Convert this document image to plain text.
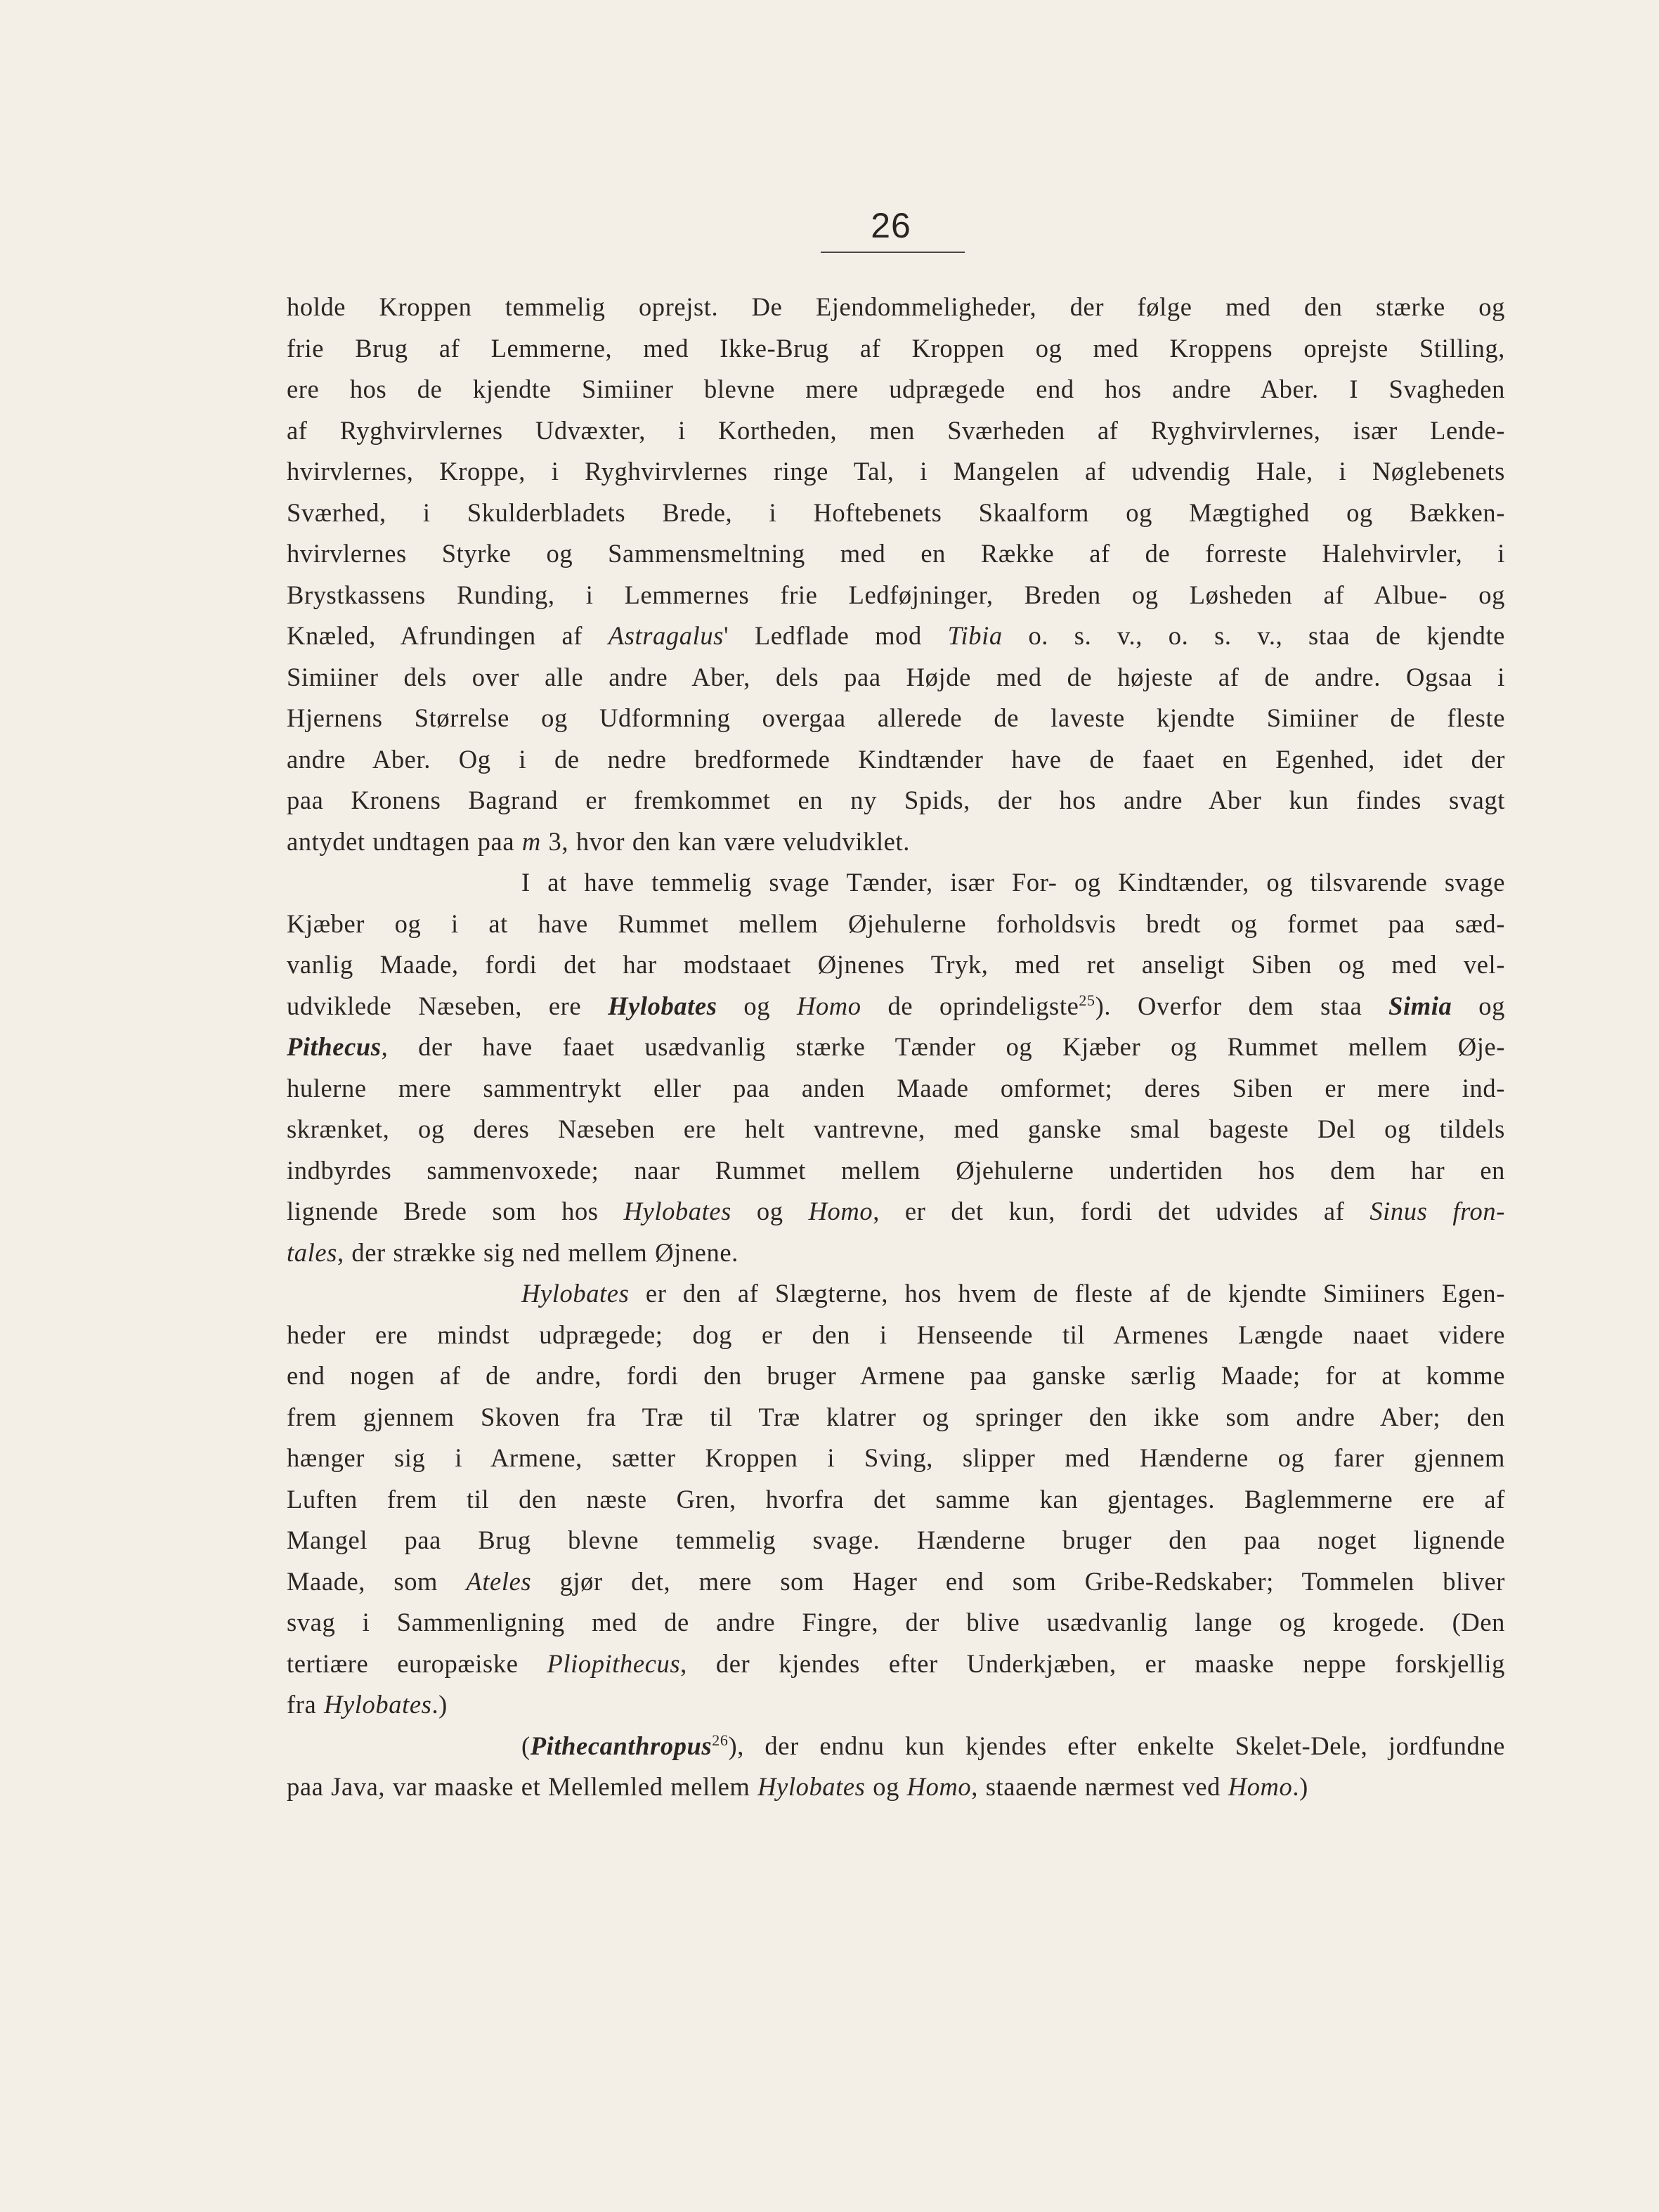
26
holde Kroppen temmelig oprejst. De Ejendommeligheder, der følge med den stærke og
frie Brug af Lemmerne, med Ikke-Brug af Kroppen og med Kroppens oprejste Stilling,
ere hos de kjendte Simiiner blevne mere udprægede end hos andre Aber. I Svagheden
af Ryghvirvlernes Udvæxter, i Kortheden, men Sværheden af Ryghvirvlernes, især Lende-
hvirvlernes, Kroppe, i Ryghvirvlernes ringe Tal, i Mangelen af udvendig Hale, i Nøglebenets
Sværhed, i Skulderbladets Brede, i Hoftebenets Skaalform og Mægtighed og Bækken-
hvirvlernes Styrke og Sammensmeltning med en Række af de forreste Halehvirvler, i
Brystkassens Runding, i Lemmernes frie Ledføjninger, Breden og Løsheden af Albue- og
Knæled, Afrundingen af Astragalus' Ledflade mod Tibia o. s. v., o. s. v., staa de kjendte
Simiiner dels over alle andre Aber, dels paa Højde med de højeste af de andre. Ogsaa i
Hjernens Størrelse og Udformning overgaa allerede de laveste kjendte Simiiner de fleste
andre Aber. Og i de nedre bredformede Kindtænder have de faaet en Egenhed, idet der
paa Kronens Bagrand er fremkommet en ny Spids, der hos andre Aber kun findes svagt
antydet undtagen paa m 3, hvor den kan være veludviklet.
I at have temmelig svage Tænder, især For- og Kindtænder, og tilsvarende svage
Kjæber og i at have Rummet mellem Øjehulerne forholdsvis bredt og formet paa sæd-
vanlig Maade, fordi det har modstaaet Øjnenes Tryk, med ret anseligt Siben og med vel-
udviklede Næseben, ere Hylobates og Homo de oprindeligste$^{25}$). Overfor dem staa Simia og
Pithecus, der have faaet usædvanlig stærke Tænder og Kjæber og Rummet mellem Øje-
hulerne mere sammentrykt eller paa anden Maade omformet; deres Siben er mere ind-
skrænket, og deres Næseben ere helt vantrevne, med ganske smal bageste Del og tildels
indbyrdes sammenvoxede; naar Rummet mellem Øjehulerne undertiden hos dem har en
lignende Brede som hos Hylobates og Homo, er det kun, fordi det udvides af Sinus fron-
tales, der strække sig ned mellem Øjnene.
Hylobates er den af Slægterne, hos hvem de fleste af de kjendte Simiiners Egen-
heder ere mindst udprægede; dog er den i Henseende til Armenes Længde naaet videre
end nogen af de andre, fordi den bruger Armene paa ganske særlig Maade; for at komme
frem gjennem Skoven fra Træ til Træ klatrer og springer den ikke som andre Aber; den
hænger sig i Armene, sætter Kroppen i Sving, slipper med Hænderne og farer gjennem
Luften frem til den næste Gren, hvorfra det samme kan gjentages. Baglemmerne ere af
Mangel paa Brug blevne temmelig svage. Hænderne bruger den paa noget lignende
Maade, som Ateles gjør det, mere som Hager end som Gribe-Redskaber; Tommelen bliver
svag i Sammenligning med de andre Fingre, der blive usædvanlig lange og krogede. (Den
tertiære europæiske Pliopithecus, der kjendes efter Underkjæben, er maaske neppe forskjellig
fra Hylobates.)
(Pithecanthropus$^{26}$), der endnu kun kjendes efter enkelte Skelet-Dele, jordfundne
paa Java, var maaske et Mellemled mellem Hylobates og Homo, staaende nærmest ved Homo.)
